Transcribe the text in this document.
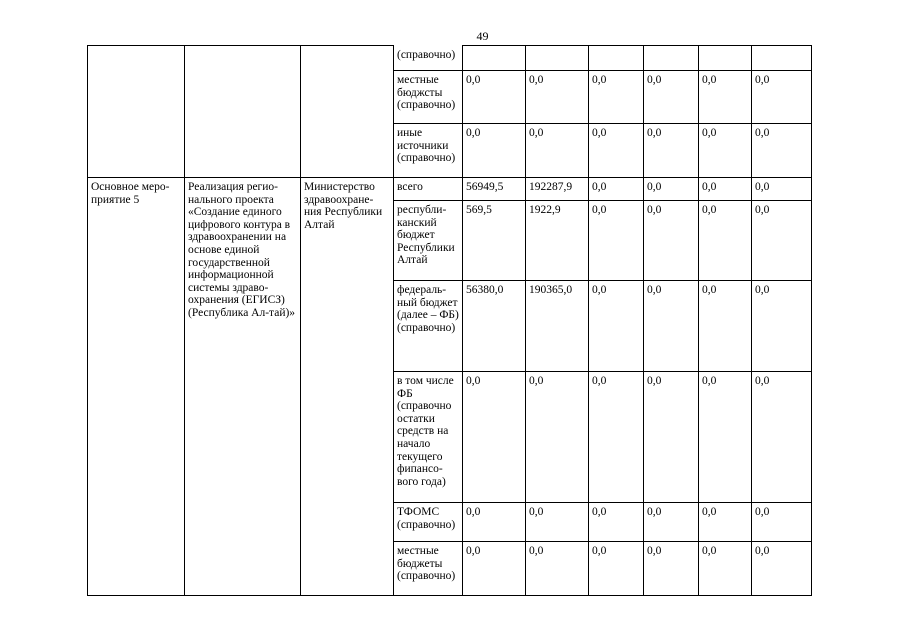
49
			(справочно)						
			местные бюджсты (справочно)	0,0	0,0	0,0	0,0	0,0	0,0
			иные источники (справочно)	0,0	0,0	0,0	0,0	0,0	0,0
Основное меро-приятие 5	Реализация регио-нального проекта «Создание единого цифрового контура в здравоохранении на основе единой государственной информационной системы здраво-охранения (ЕГИСЗ) (Республика Ал-тай)»	Министерство здравоохране-ния Республики Алтай	всего	56949,5	192287,9	0,0	0,0	0,0	0,0
			республи-канский бюджет Республики Алтай	569,5	1922,9	0,0	0,0	0,0	0,0
			федераль-ный бюджет (далее – ФБ) (справочно)	56380,0	190365,0	0,0	0,0	0,0	0,0
			в том числе ФБ (справочно остатки средств на начало текущего фипансо-вого года)	0,0	0,0	0,0	0,0	0,0	0,0
			ТФОМС (справочно)	0,0	0,0	0,0	0,0	0,0	0,0
			местные бюджеты (справочно)	0,0	0,0	0,0	0,0	0,0	0,0
